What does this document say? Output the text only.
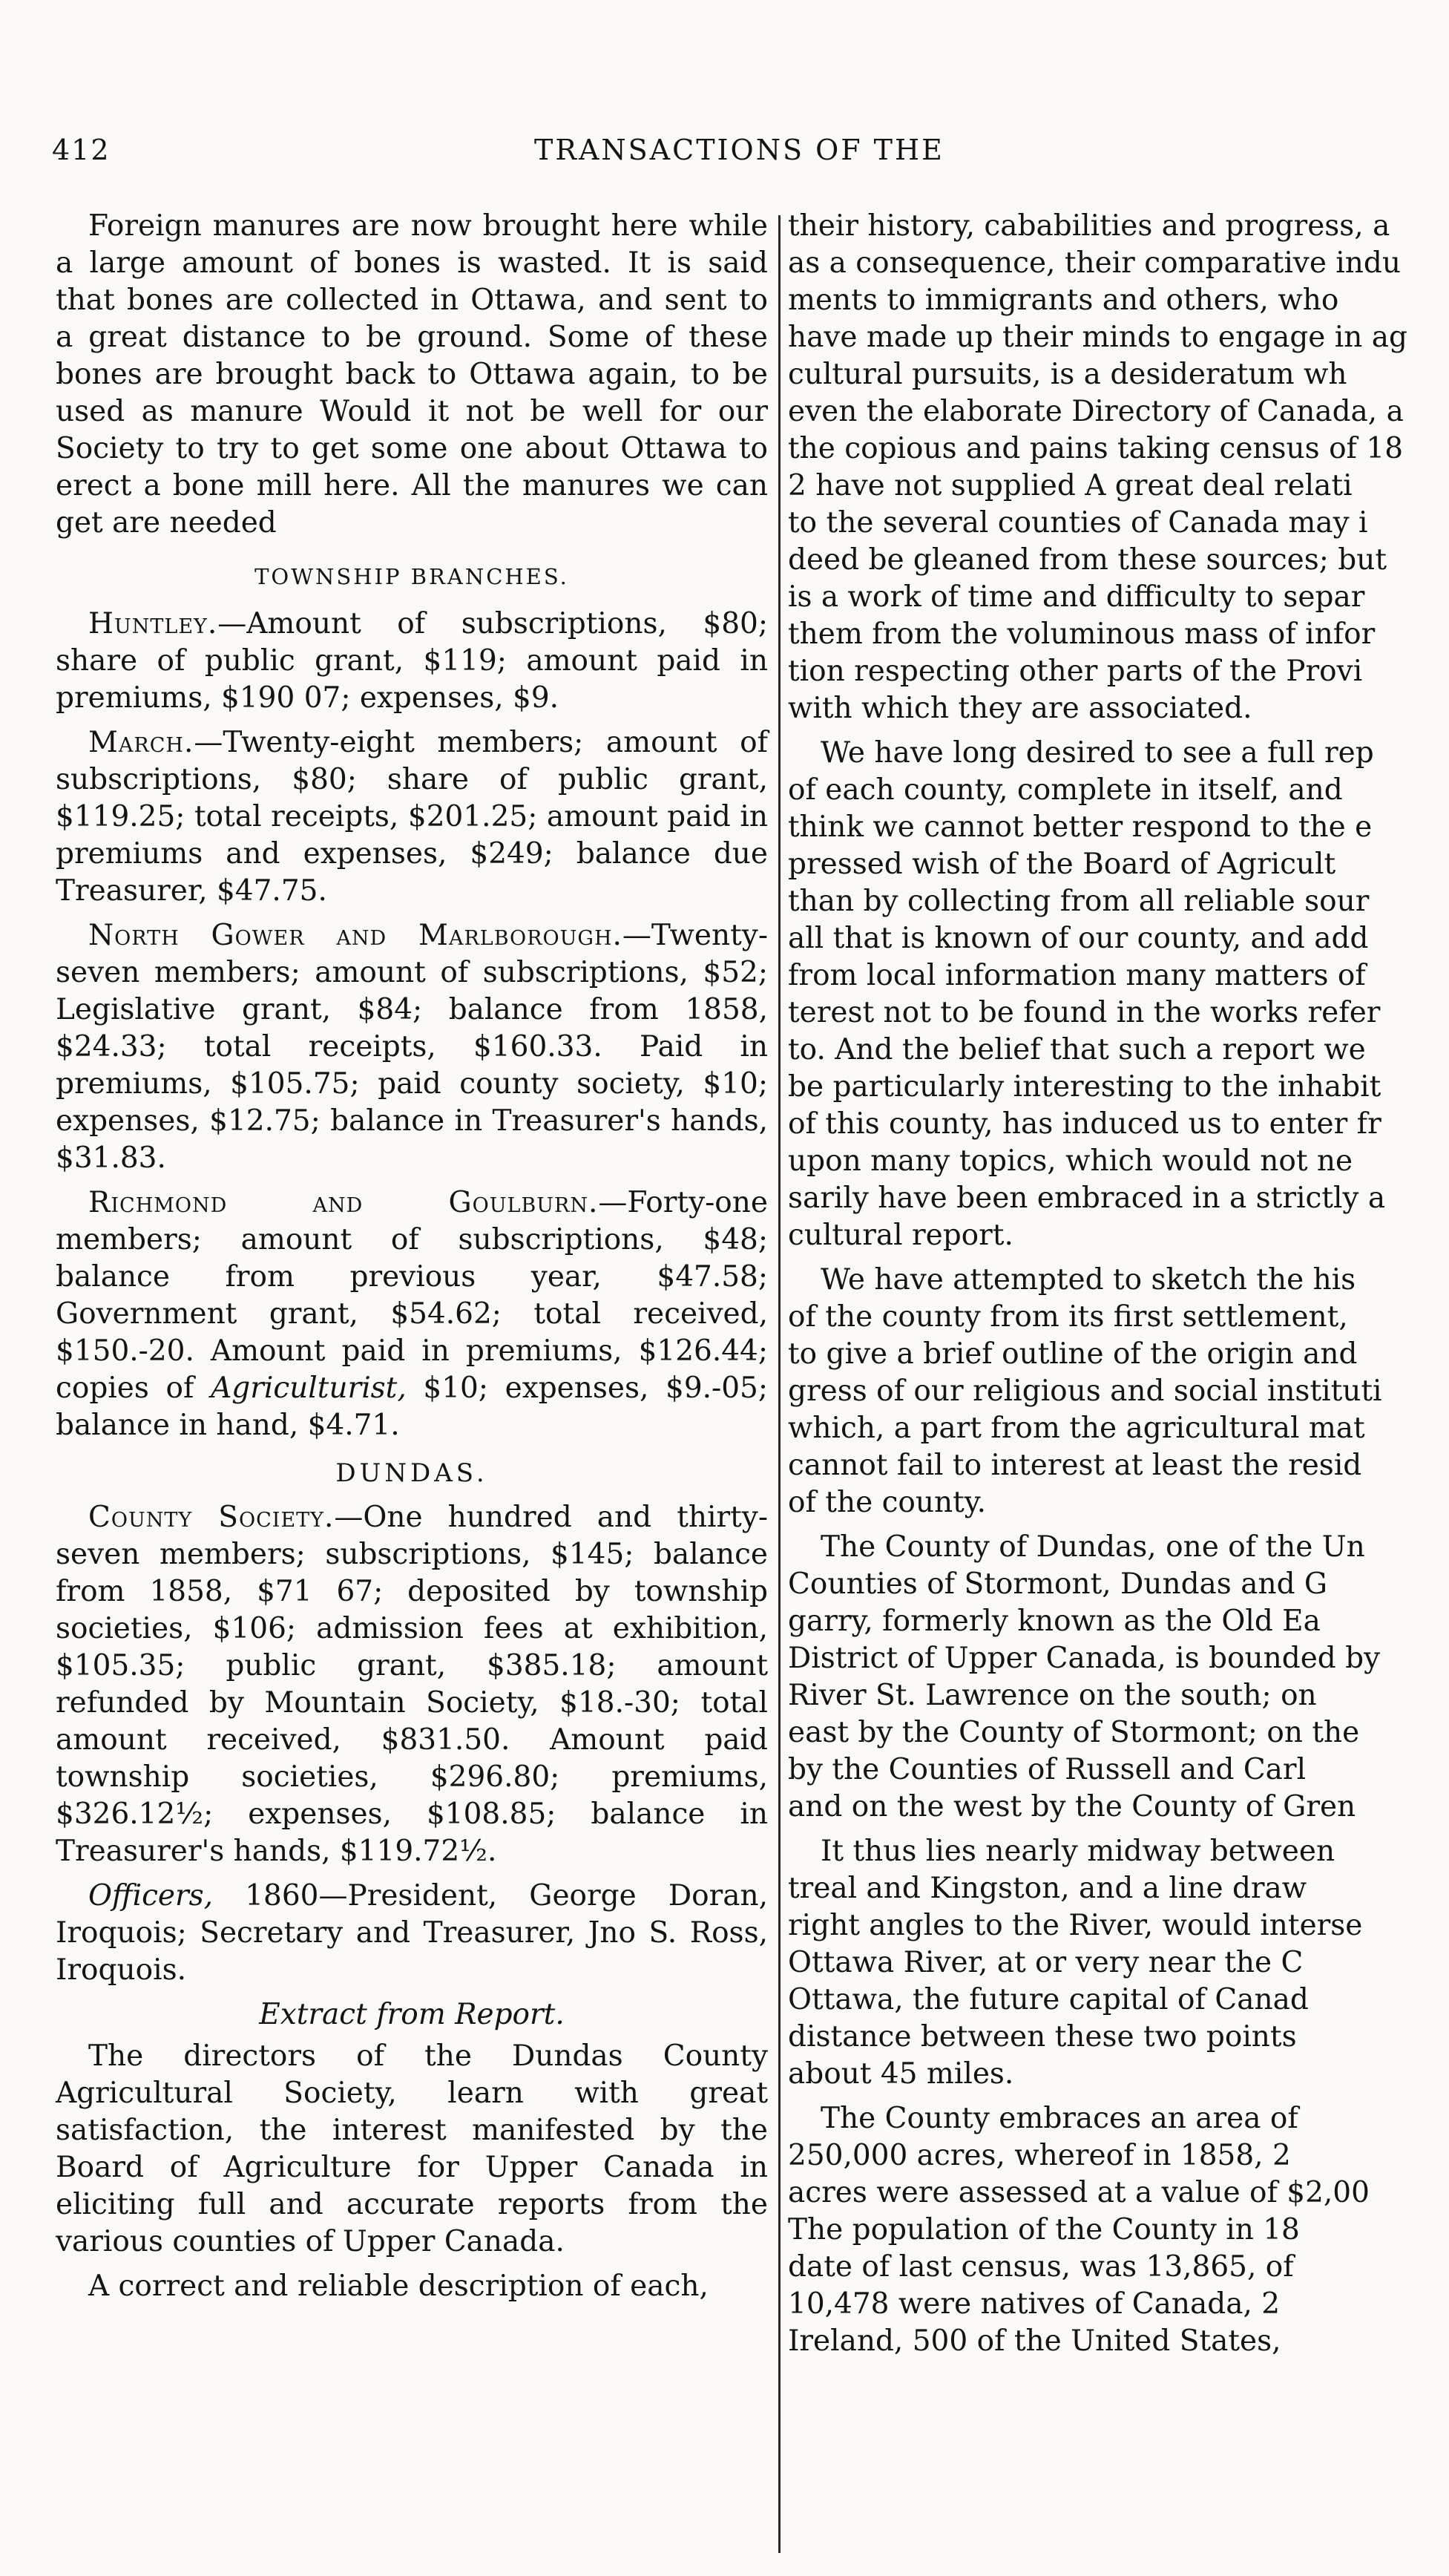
412	TRANSACTIONS OF THE

Foreign manures are now brought here while a large amount of bones is wasted. It is said that bones are collected in Ottawa, and sent to a great distance to be ground. Some of these bones are brought back to Ottawa again, to be used as manure Would it not be well for our Society to try to get some one about Ottawa to erect a bone mill here. All the manures we can get are needed

TOWNSHIP BRANCHES.

Huntley.—Amount of subscriptions, $80; share of public grant, $119; amount paid in premiums, $190 07; expenses, $9.

March.—Twenty-eight members; amount of subscriptions, $80; share of public grant, $119.25; total receipts, $201.25; amount paid in premiums and expenses, $249; balance due Treasurer, $47.75.

North Gower and Marlborough.—Twenty-seven members; amount of subscriptions, $52; Legislative grant, $84; balance from 1858, $24.33; total receipts, $160.33. Paid in premiums, $105.75; paid county society, $10; expenses, $12.75; balance in Treasurer's hands, $31.83.

Richmond and Goulburn.—Forty-one members; amount of subscriptions, $48; balance from previous year, $47.58; Government grant, $54.62; total received, $150.-20. Amount paid in premiums, $126.44; copies of Agriculturist, $10; expenses, $9.-05; balance in hand, $4.71.

DUNDAS.

County Society.—One hundred and thirty-seven members; subscriptions, $145; balance from 1858, $71 67; deposited by township societies, $106; admission fees at exhibition, $105.35; public grant, $385.18; amount refunded by Mountain Society, $18.-30; total amount received, $831.50. Amount paid township societies, $296.80; premiums, $326.12½; expenses, $108.85; balance in Treasurer's hands, $119.72½.

Officers, 1860—President, George Doran, Iroquois; Secretary and Treasurer, Jno S. Ross, Iroquois.

Extract from Report.

The directors of the Dundas County Agricultural Society, learn with great satisfaction, the interest manifested by the Board of Agriculture for Upper Canada in eliciting full and accurate reports from the various counties of Upper Canada.

A correct and reliable description of each,

their history, cababilities and progress, a
as a consequence, their comparative indu
ments to immigrants and others, who
have made up their minds to engage in ag
cultural pursuits, is a desideratum wh
even the elaborate Directory of Canada, a
the copious and pains taking census of 18
2 have not supplied A great deal relati
to the several counties of Canada may i
deed be gleaned from these sources; but
is a work of time and difficulty to separ
them from the voluminous mass of infor
tion respecting other parts of the Provi
with which they are associated.
We have long desired to see a full rep
of each county, complete in itself, and
think we cannot better respond to the e
pressed wish of the Board of Agricult
than by collecting from all reliable sour
all that is known of our county, and add
from local information many matters of
terest not to be found in the works refer
to. And the belief that such a report we
be particularly interesting to the inhabit
of this county, has induced us to enter fr
upon many topics, which would not ne
sarily have been embraced in a strictly a
cultural report.
We have attempted to sketch the his
of the county from its first settlement,
to give a brief outline of the origin and
gress of our religious and social instituti
which, a part from the agricultural mat
cannot fail to interest at least the resid
of the county.
The County of Dundas, one of the Un
Counties of Stormont, Dundas and G
garry, formerly known as the Old Ea
District of Upper Canada, is bounded by
River St. Lawrence on the south; on
east by the County of Stormont; on the
by the Counties of Russell and Carl
and on the west by the County of Gren
It thus lies nearly midway between
treal and Kingston, and a line draw
right angles to the River, would interse
Ottawa River, at or very near the C
Ottawa, the future capital of Canad
distance between these two points
about 45 miles.
The County embraces an area of
250,000 acres, whereof in 1858, 2
acres were assessed at a value of $2,00
The population of the County in 18
date of last census, was 13,865, of
10,478 were natives of Canada, 2
Ireland, 500 of the United States,
